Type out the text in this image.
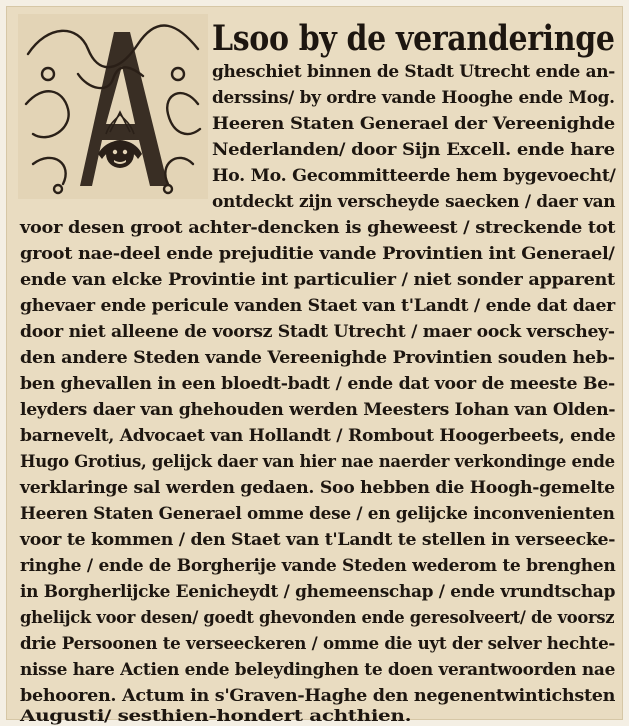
Lsoo by de veranderinge
gheschiet binnen de Stadt Utrecht ende an-
derssins/ by ordre vande Hooghe ende Mog.
Heeren Staten Generael der Vereenighde
Nederlanden/ door Sijn Excell. ende hare
Ho. Mo. Gecommitteerde hem bygevoecht/
ontdeckt zijn verscheyde saecken / daer van
voor desen groot achter-dencken is gheweest / streckende tot
groot nae-deel ende prejuditie vande Provintien int Generael/
ende van elcke Provintie int particulier / niet sonder apparent
ghevaer ende pericule vanden Staet van t'Landt / ende dat daer
door niet alleene de voorsz Stadt Utrecht / maer oock verschey-
den andere Steden vande Vereenighde Provintien souden heb-
ben ghevallen in een bloedt-badt / ende dat voor de meeste Be-
leyders daer van ghehouden werden Meesters Iohan van Olden-
barnevelt, Advocaet van Hollandt / Rombout Hoogerbeets, ende
Hugo Grotius, gelijck daer van hier nae naerder verkondinge ende
verklaringe sal werden gedaen. Soo hebben die Hoogh-gemelte
Heeren Staten Generael omme dese / en gelijcke inconvenienten
voor te kommen / den Staet van t'Landt te stellen in verseecke-
ringhe / ende de Borgherije vande Steden wederom te brenghen
in Borgherlijcke Eenicheydt / ghemeenschap / ende vrundtschap
ghelijck voor desen/ goedt ghevonden ende geresolveert/ de voorsz
drie Persoonen te verseeckeren / omme die uyt der selver hechte-
nisse hare Actien ende beleydinghen te doen verantwoorden nae
behooren. Actum in s'Graven-Haghe den negenentwintichsten
Augusti/ sesthien-hondert achthien.
